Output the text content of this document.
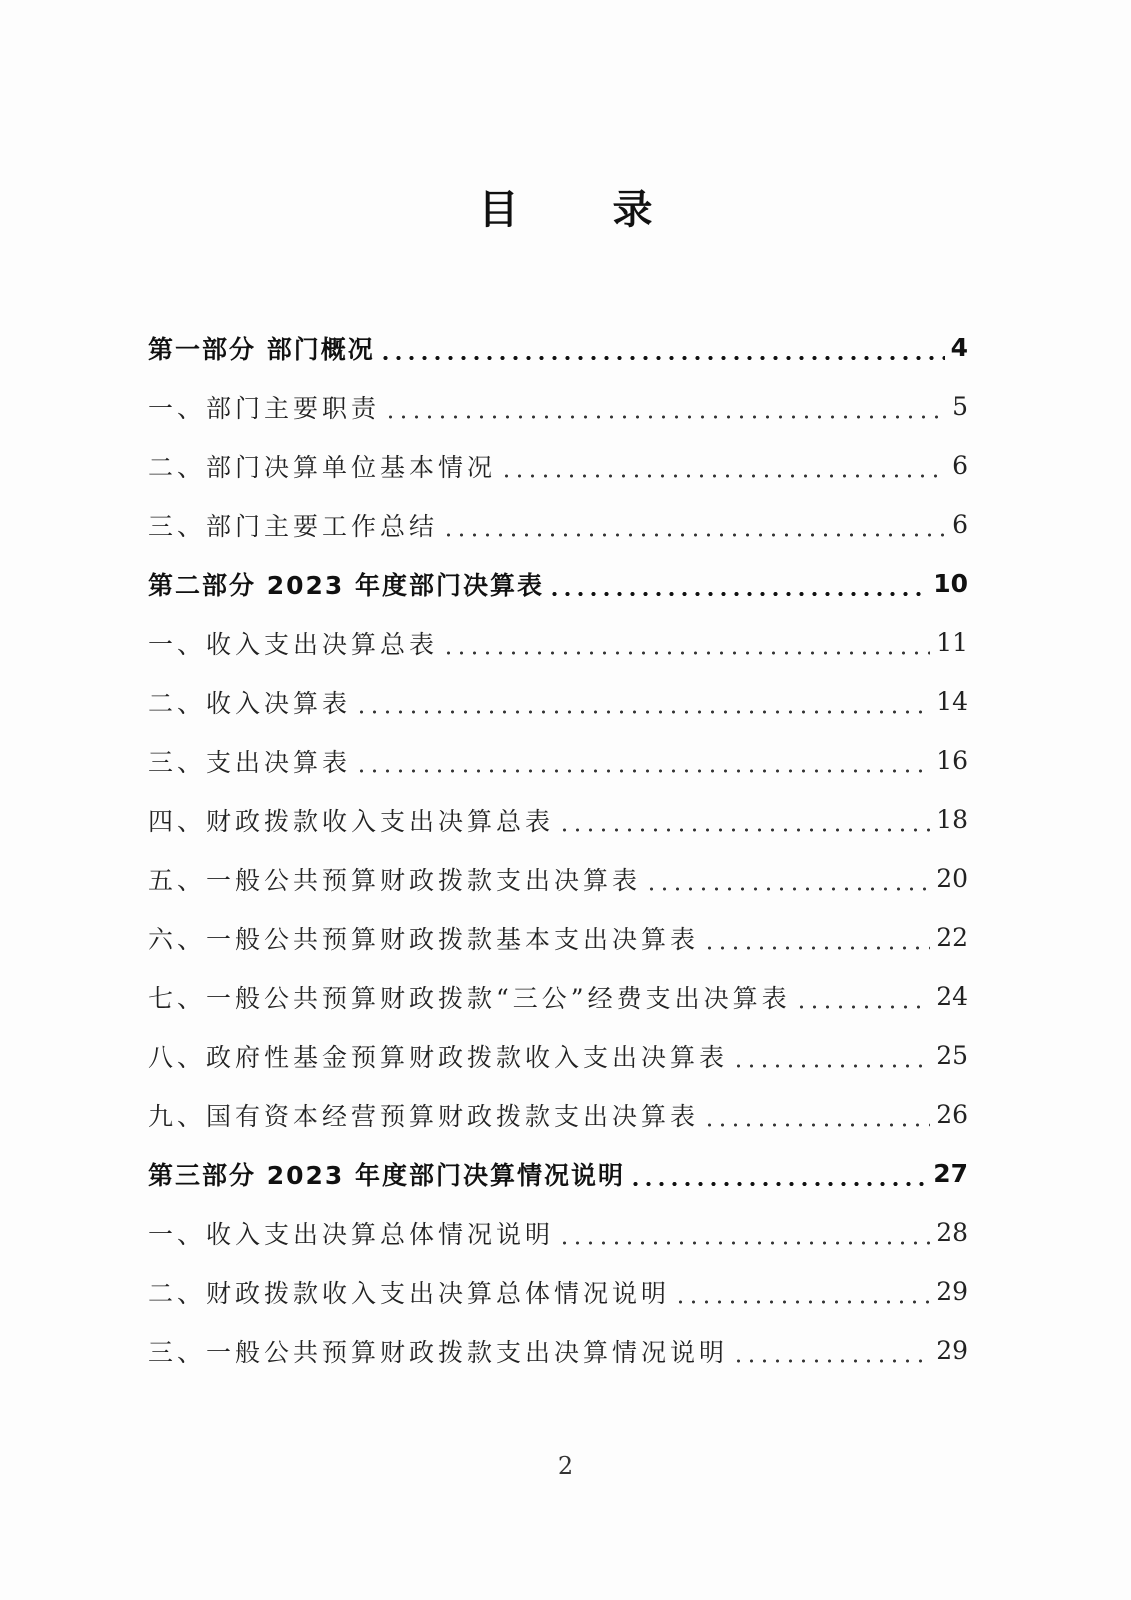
目 录
第一部分 部门概况	4
一、部门主要职责	5
二、部门决算单位基本情况	6
三、部门主要工作总结	6
第二部分 2023 年度部门决算表	10
一、收入支出决算总表	11
二、收入决算表	14
三、支出决算表	16
四、财政拨款收入支出决算总表	18
五、一般公共预算财政拨款支出决算表	20
六、一般公共预算财政拨款基本支出决算表	22
七、一般公共预算财政拨款“三公”经费支出决算表	24
八、政府性基金预算财政拨款收入支出决算表	25
九、国有资本经营预算财政拨款支出决算表	26
第三部分 2023 年度部门决算情况说明	27
一、收入支出决算总体情况说明	28
二、财政拨款收入支出决算总体情况说明	29
三、一般公共预算财政拨款支出决算情况说明	29
2
